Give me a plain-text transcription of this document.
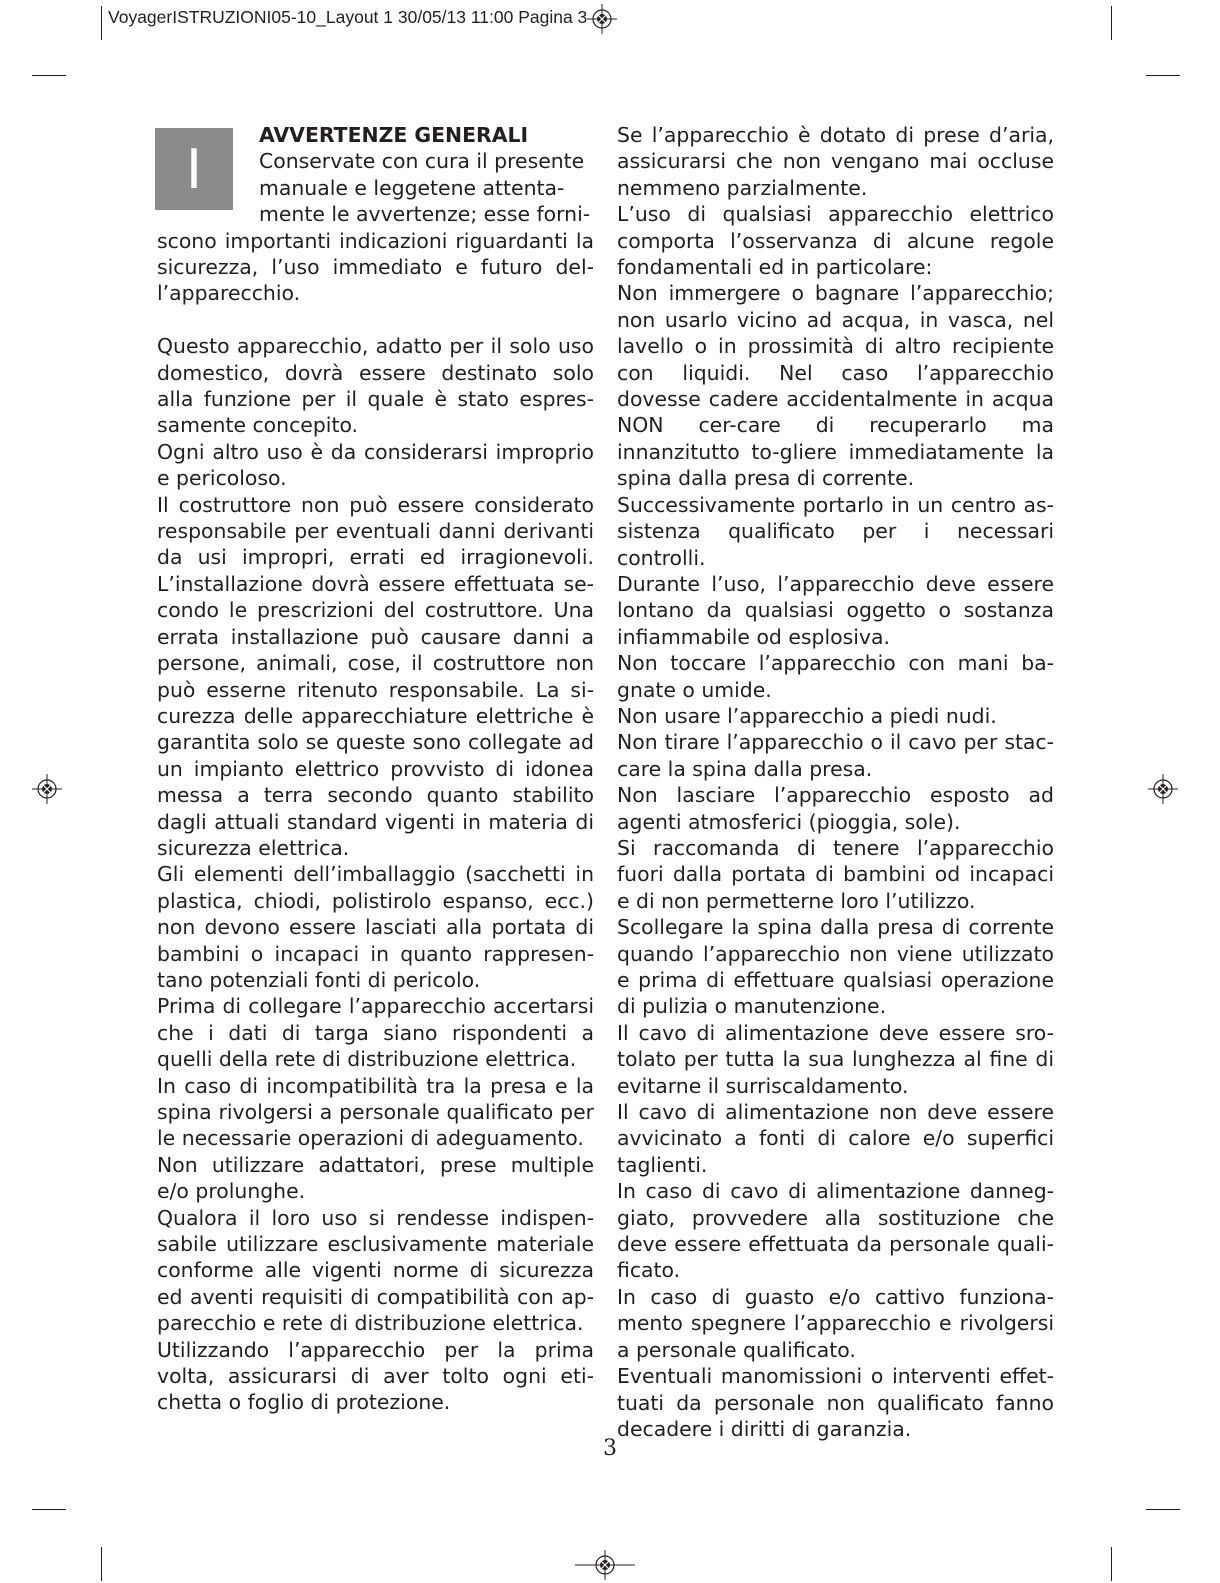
VoyagerISTRUZIONI05-10_Layout 1 30/05/13 11:00 Pagina 3
I

AVVERTENZE GENERALI

Conservate con cura il presente

manuale e leggetene attenta-

mente le avvertenze; esse forni-

scono importanti indicazioni riguardanti la sicurezza, l’uso immediato e futuro del-l’apparecchio.

Questo apparecchio, adatto per il solo uso domestico, dovrà essere destinato solo alla funzione per il quale è stato espres-samente concepito.

Ogni altro uso è da considerarsi improprio e pericoloso.

Il costruttore non può essere considerato responsabile per eventuali danni derivanti da usi impropri, errati ed irragionevoli. L’installazione dovrà essere effettuata se-condo le prescrizioni del costruttore. Una errata installazione può causare danni a persone, animali, cose, il costruttore non può esserne ritenuto responsabile. La si-curezza delle apparecchiature elettriche è garantita solo se queste sono collegate ad un impianto elettrico provvisto di idonea messa a terra secondo quanto stabilito dagli attuali standard vigenti in materia di sicurezza elettrica.

Gli elementi dell’imballaggio (sacchetti in plastica, chiodi, polistirolo espanso, ecc.) non devono essere lasciati alla portata di bambini o incapaci in quanto rappresen-tano potenziali fonti di pericolo.

Prima di collegare l’apparecchio accertarsi che i dati di targa siano rispondenti a quelli della rete di distribuzione elettrica.

In caso di incompatibilità tra la presa e la spina rivolgersi a personale qualificato per le necessarie operazioni di adeguamento.

Non utilizzare adattatori, prese multiple e/o prolunghe.

Qualora il loro uso si rendesse indispen-sabile utilizzare esclusivamente materiale conforme alle vigenti norme di sicurezza ed aventi requisiti di compatibilità con ap-parecchio e rete di distribuzione elettrica.

Utilizzando l’apparecchio per la prima volta, assicurarsi di aver tolto ogni eti-chetta o foglio di protezione.

Se l’apparecchio è dotato di prese d’aria, assicurarsi che non vengano mai occluse nemmeno parzialmente.

L’uso di qualsiasi apparecchio elettrico comporta l’osservanza di alcune regole fondamentali ed in particolare:

Non immergere o bagnare l’apparecchio; non usarlo vicino ad acqua, in vasca, nel lavello o in prossimità di altro recipiente con liquidi. Nel caso l’apparecchio dovesse cadere accidentalmente in acqua NON cer-care di recuperarlo ma innanzitutto to-gliere immediatamente la spina dalla presa di corrente.

Successivamente portarlo in un centro as-sistenza qualificato per i necessari controlli.

Durante l’uso, l’apparecchio deve essere lontano da qualsiasi oggetto o sostanza infiammabile od esplosiva.

Non toccare l’apparecchio con mani ba-gnate o umide.

Non usare l’apparecchio a piedi nudi.

Non tirare l’apparecchio o il cavo per stac-care la spina dalla presa.

Non lasciare l’apparecchio esposto ad agenti atmosferici (pioggia, sole).

Si raccomanda di tenere l’apparecchio fuori dalla portata di bambini od incapaci e di non permetterne loro l’utilizzo.

Scollegare la spina dalla presa di corrente quando l’apparecchio non viene utilizzato e prima di effettuare qualsiasi operazione di pulizia o manutenzione.

Il cavo di alimentazione deve essere sro-tolato per tutta la sua lunghezza al fine di evitarne il surriscaldamento.

Il cavo di alimentazione non deve essere avvicinato a fonti di calore e/o superfici taglienti.

In caso di cavo di alimentazione danneg-giato, provvedere alla sostituzione che deve essere effettuata da personale quali-ficato.

In caso di guasto e/o cattivo funziona-mento spegnere l’apparecchio e rivolgersi a personale qualificato.

Eventuali manomissioni o interventi effet-tuati da personale non qualificato fanno decadere i diritti di garanzia.

3
